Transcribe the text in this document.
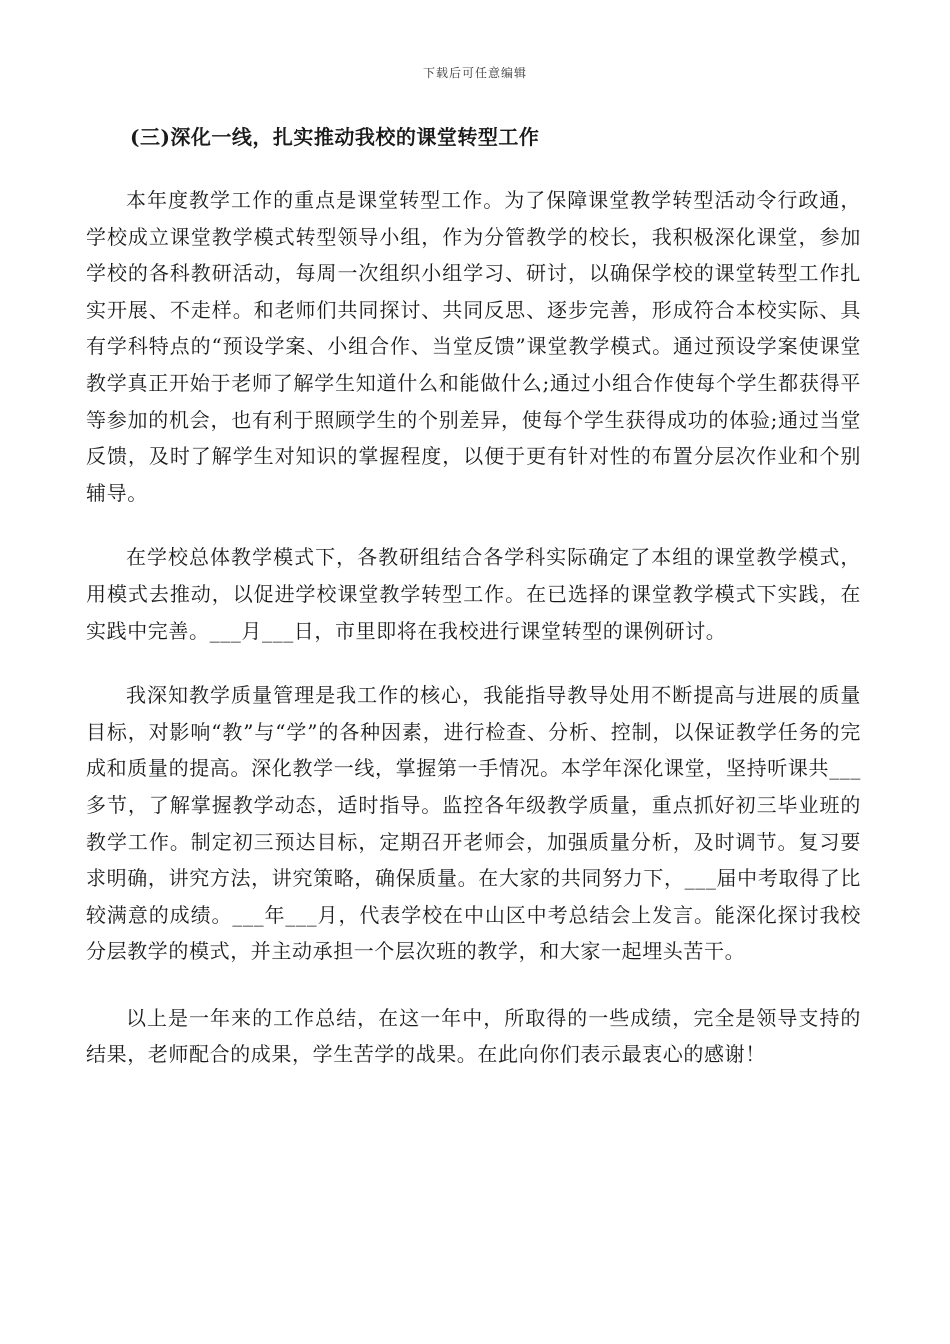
下载后可任意编辑
(三)深化一线，扎实推动我校的课堂转型工作

本年度教学工作的重点是课堂转型工作。为了保障课堂教学转型活动令行政通，学校成立课堂教学模式转型领导小组，作为分管教学的校长，我积极深化课堂，参加学校的各科教研活动，每周一次组织小组学习、研讨，以确保学校的课堂转型工作扎实开展、不走样。和老师们共同探讨、共同反思、逐步完善，形成符合本校实际、具有学科特点的“预设学案、小组合作、当堂反馈”课堂教学模式。通过预设学案使课堂教学真正开始于老师了解学生知道什么和能做什么;通过小组合作使每个学生都获得平等参加的机会，也有利于照顾学生的个别差异，使每个学生获得成功的体验;通过当堂反馈，及时了解学生对知识的掌握程度，以便于更有针对性的布置分层次作业和个别辅导。

在学校总体教学模式下，各教研组结合各学科实际确定了本组的课堂教学模式，用模式去推动，以促进学校课堂教学转型工作。在已选择的课堂教学模式下实践，在实践中完善。___月___日，市里即将在我校进行课堂转型的课例研讨。

我深知教学质量管理是我工作的核心，我能指导教导处用不断提高与进展的质量目标，对影响“教”与“学”的各种因素，进行检查、分析、控制，以保证教学任务的完成和质量的提高。深化教学一线，掌握第一手情况。本学年深化课堂，坚持听课共___多节，了解掌握教学动态，适时指导。监控各年级教学质量，重点抓好初三毕业班的教学工作。制定初三预达目标，定期召开老师会，加强质量分析，及时调节。复习要求明确，讲究方法，讲究策略，确保质量。在大家的共同努力下，___届中考取得了比较满意的成绩。___年___月，代表学校在中山区中考总结会上发言。能深化探讨我校分层教学的模式，并主动承担一个层次班的教学，和大家一起埋头苦干。

以上是一年来的工作总结，在这一年中，所取得的一些成绩，完全是领导支持的结果，老师配合的成果，学生苦学的战果。在此向你们表示最衷心的感谢！
